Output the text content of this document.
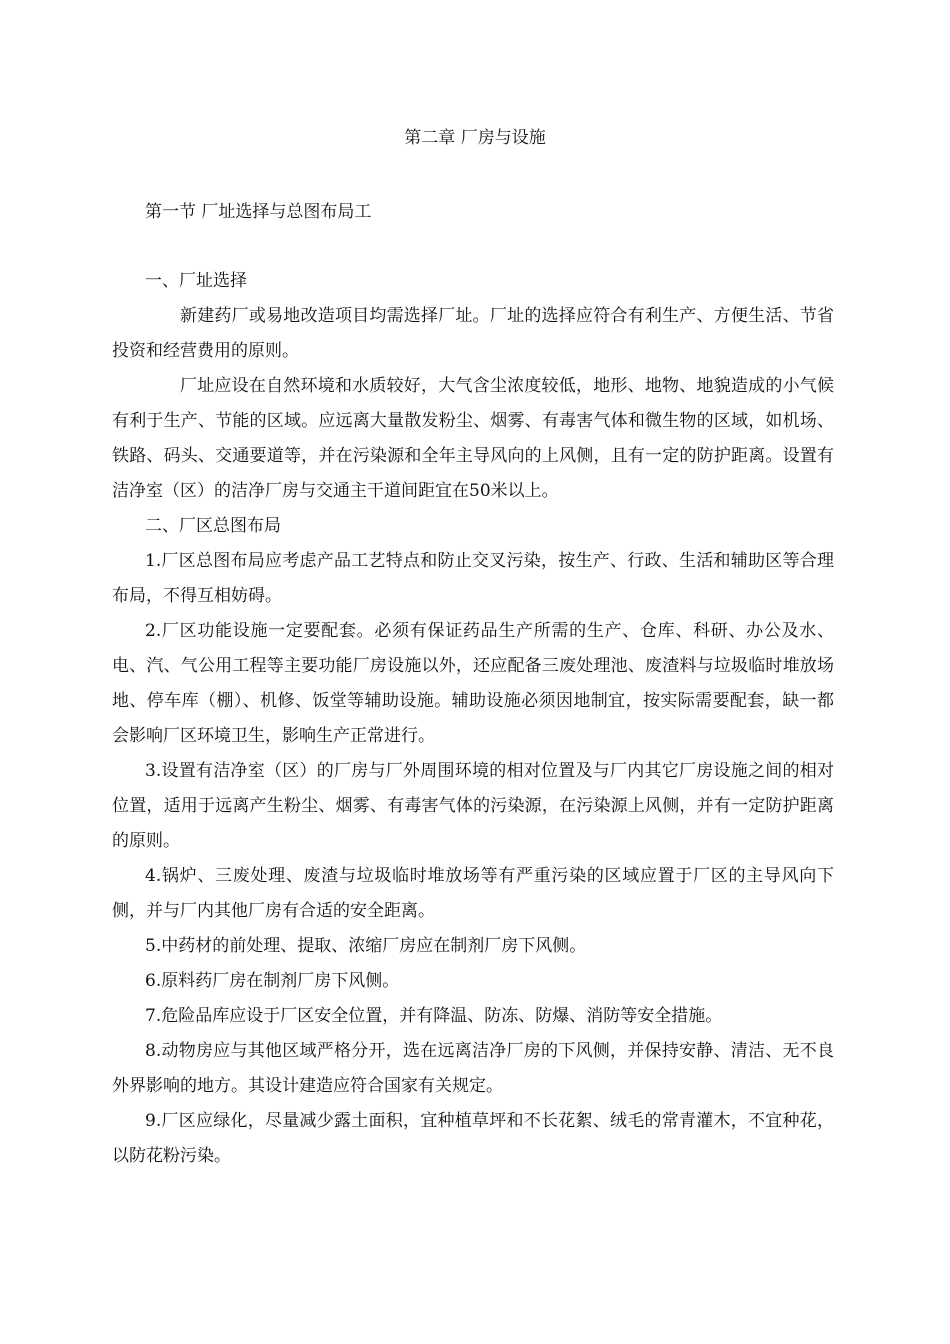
第二章 厂房与设施
第一节 厂址选择与总图布局工

一、厂址选择

新建药厂或易地改造项目均需选择厂址。厂址的选择应符合有利生产、方便生活、节省投资和经营费用的原则。

厂址应设在自然环境和水质较好，大气含尘浓度较低，地形、地物、地貌造成的小气候有利于生产、节能的区域。应远离大量散发粉尘、烟雾、有毒害气体和微生物的区域，如机场、铁路、码头、交通要道等，并在污染源和全年主导风向的上风侧，且有一定的防护距离。设置有洁净室（区）的洁净厂房与交通主干道间距宜在50米以上。

二、厂区总图布局

1.厂区总图布局应考虑产品工艺特点和防止交叉污染，按生产、行政、生活和辅助区等合理布局，不得互相妨碍。

2.厂区功能设施一定要配套。必须有保证药品生产所需的生产、仓库、科研、办公及水、电、汽、气公用工程等主要功能厂房设施以外，还应配备三废处理池、废渣料与垃圾临时堆放场地、停车库（棚）、机修、饭堂等辅助设施。辅助设施必须因地制宜，按实际需要配套，缺一都会影响厂区环境卫生，影响生产正常进行。

3.设置有洁净室（区）的厂房与厂外周围环境的相对位置及与厂内其它厂房设施之间的相对位置，适用于远离产生粉尘、烟雾、有毒害气体的污染源，在污染源上风侧，并有一定防护距离的原则。

4.锅炉、三废处理、废渣与垃圾临时堆放场等有严重污染的区域应置于厂区的主导风向下侧，并与厂内其他厂房有合适的安全距离。

5.中药材的前处理、提取、浓缩厂房应在制剂厂房下风侧。

6.原料药厂房在制剂厂房下风侧。

7.危险品库应设于厂区安全位置，并有降温、防冻、防爆、消防等安全措施。

8.动物房应与其他区域严格分开，选在远离洁净厂房的下风侧，并保持安静、清洁、无不良外界影响的地方。其设计建造应符合国家有关规定。

9.厂区应绿化，尽量减少露土面积，宜种植草坪和不长花絮、绒毛的常青灌木，不宜种花，以防花粉污染。
